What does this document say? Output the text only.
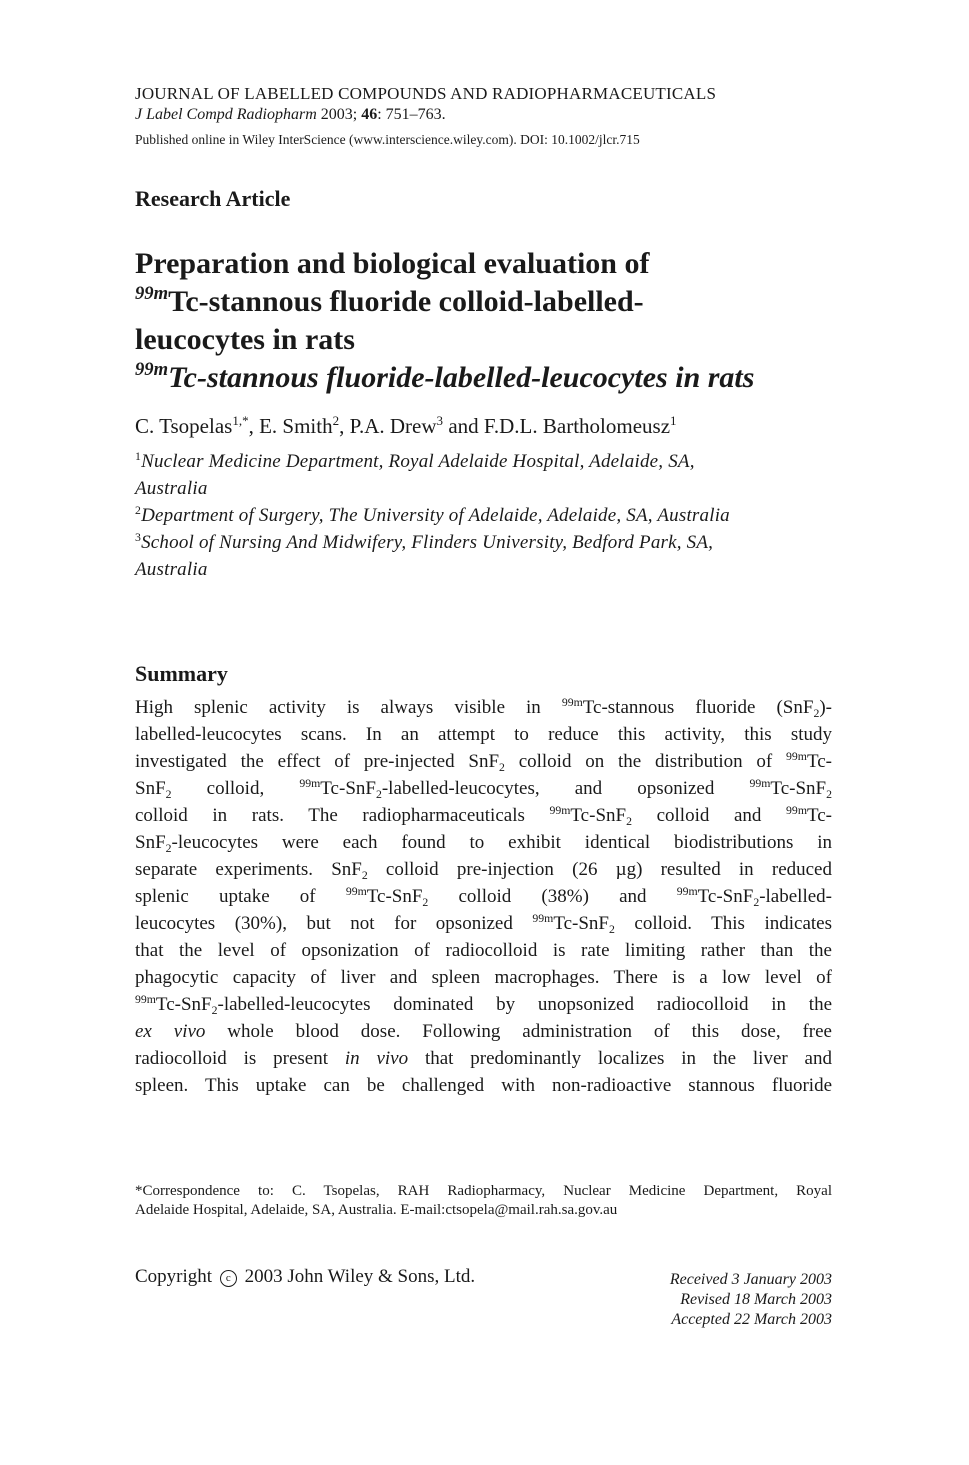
JOURNAL OF LABELLED COMPOUNDS AND RADIOPHARMACEUTICALS
J Label Compd Radiopharm 2003; 46: 751–763.
Published online in Wiley InterScience (www.interscience.wiley.com). DOI: 10.1002/jlcr.715
Research Article
Preparation and biological evaluation of
$^{99m}$Tc-stannous fluoride colloid-labelled-
leucocytes in rats
$^{99m}$Tc-stannous fluoride-labelled-leucocytes in rats
C. Tsopelas$^{1,*}$, E. Smith$^2$, P.A. Drew$^3$ and F.D.L. Bartholomeusz$^1$
$^1$Nuclear Medicine Department, Royal Adelaide Hospital, Adelaide, SA,
Australia
$^2$Department of Surgery, The University of Adelaide, Adelaide, SA, Australia
$^3$School of Nursing And Midwifery, Flinders University, Bedford Park, SA,
Australia
Summary
High splenic activity is always visible in $^{99m}$Tc-stannous fluoride (SnF$_2$)-
labelled-leucocytes scans. In an attempt to reduce this activity, this study
investigated the effect of pre-injected SnF$_2$ colloid on the distribution of $^{99m}$Tc-
SnF$_2$ colloid, $^{99m}$Tc-SnF$_2$-labelled-leucocytes, and opsonized $^{99m}$Tc-SnF$_2$
colloid in rats. The radiopharmaceuticals $^{99m}$Tc-SnF$_2$ colloid and $^{99m}$Tc-
SnF$_2$-leucocytes were each found to exhibit identical biodistributions in
separate experiments. SnF$_2$ colloid pre-injection (26 µg) resulted in reduced
splenic uptake of $^{99m}$Tc-SnF$_2$ colloid (38%) and $^{99m}$Tc-SnF$_2$-labelled-
leucocytes (30%), but not for opsonized $^{99m}$Tc-SnF$_2$ colloid. This indicates
that the level of opsonization of radiocolloid is rate limiting rather than the
phagocytic capacity of liver and spleen macrophages. There is a low level of
$^{99m}$Tc-SnF$_2$-labelled-leucocytes dominated by unopsonized radiocolloid in the
ex vivo whole blood dose. Following administration of this dose, free
radiocolloid is present in vivo that predominantly localizes in the liver and
spleen. This uptake can be challenged with non-radioactive stannous fluoride
*Correspondence to: C. Tsopelas, RAH Radiopharmacy, Nuclear Medicine Department, Royal
Adelaide Hospital, Adelaide, SA, Australia. E-mail:ctsopela@mail.rah.sa.gov.au
Copyright c 2003 John Wiley & Sons, Ltd.	Received 3 January 2003
Revised 18 March 2003
Accepted 22 March 2003
